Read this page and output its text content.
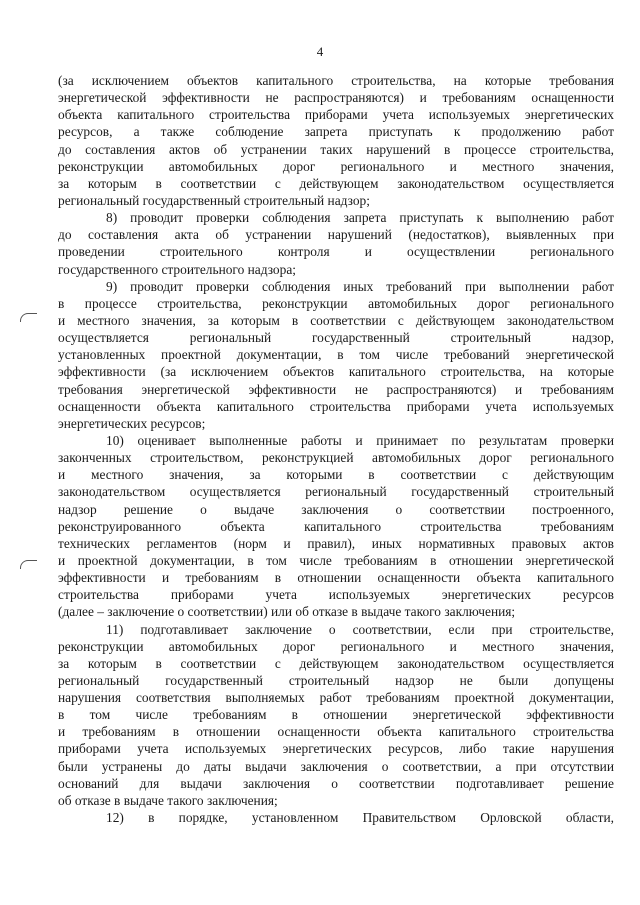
4
(за исключением объектов капитального строительства, на которые требования
энергетической эффективности не распространяются) и требованиям оснащенности
объекта капитального строительства приборами учета используемых энергетических
ресурсов, а также соблюдение запрета приступать к продолжению работ
до составления актов об устранении таких нарушений в процессе строительства,
реконструкции автомобильных дорог регионального и местного значения,
за которым в соответствии с действующем законодательством осуществляется
региональный государственный строительный надзор;
8) проводит проверки соблюдения запрета приступать к выполнению работ
до составления акта об устранении нарушений (недостатков), выявленных при
проведении строительного контроля и осуществлении регионального
государственного строительного надзора;
9) проводит проверки соблюдения иных требований при выполнении работ
в процессе строительства, реконструкции автомобильных дорог регионального
и местного значения, за которым в соответствии с действующем законодательством
осуществляется региональный государственный строительный надзор,
установленных проектной документации, в том числе требований энергетической
эффективности (за исключением объектов капитального строительства, на которые
требования энергетической эффективности не распространяются) и требованиям
оснащенности объекта капитального строительства приборами учета используемых
энергетических ресурсов;
10) оценивает выполненные работы и принимает по результатам проверки
законченных строительством, реконструкцией автомобильных дорог регионального
и местного значения, за которыми в соответствии с действующим
законодательством осуществляется региональный государственный строительный
надзор решение о выдаче заключения о соответствии построенного,
реконструированного объекта капитального строительства требованиям
технических регламентов (норм и правил), иных нормативных правовых актов
и проектной документации, в том числе требованиям в отношении энергетической
эффективности и требованиям в отношении оснащенности объекта капитального
строительства приборами учета используемых энергетических ресурсов
(далее – заключение о соответствии) или об отказе в выдаче такого заключения;
11) подготавливает заключение о соответствии, если при строительстве,
реконструкции автомобильных дорог регионального и местного значения,
за которым в соответствии с действующем законодательством осуществляется
региональный государственный строительный надзор не были допущены
нарушения соответствия выполняемых работ требованиям проектной документации,
в том числе требованиям в отношении энергетической эффективности
и требованиям в отношении оснащенности объекта капитального строительства
приборами учета используемых энергетических ресурсов, либо такие нарушения
были устранены до даты выдачи заключения о соответствии, а при отсутствии
оснований для выдачи заключения о соответствии подготавливает решение
об отказе в выдаче такого заключения;
12) в порядке, установленном Правительством Орловской области,
